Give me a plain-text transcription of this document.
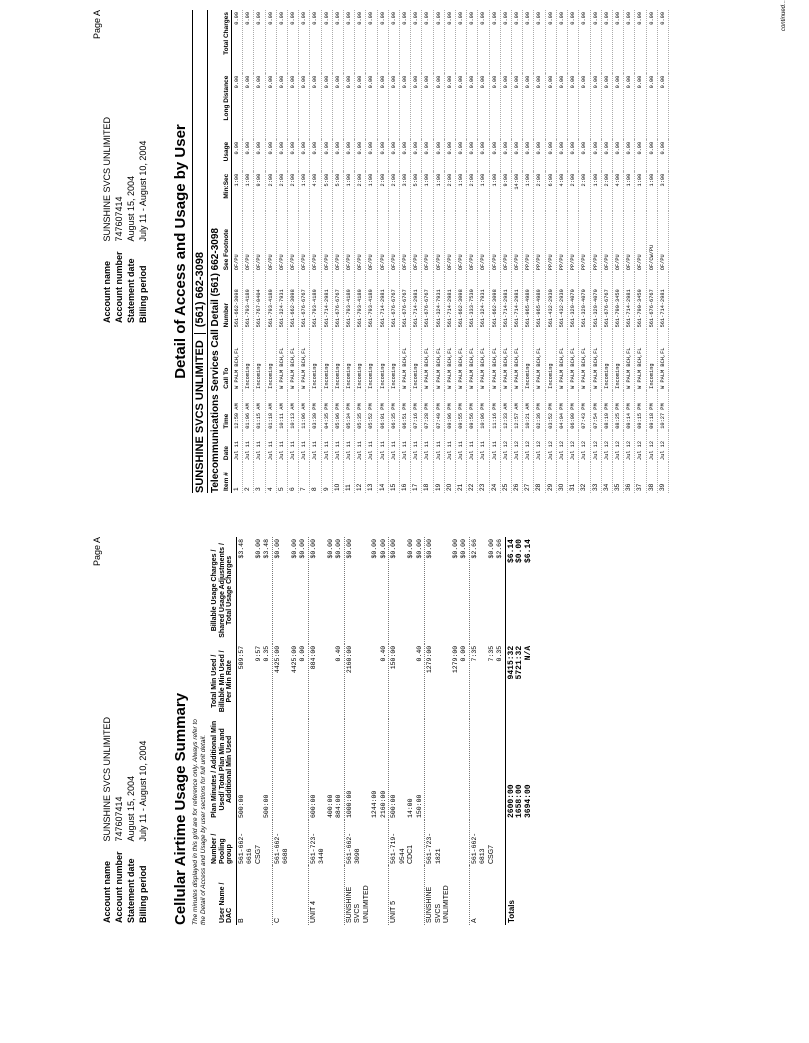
Page A
Account name	SUNSHINE SVCS UNLIMITED
Account number	747607414
Statement date	August 15, 2004
Billing period	July 11 - August 10, 2004 Cellular Airtime Usage Summary The minutes displayed in this grid are for reference only. Always refer to the Detail of Access and Usage by user sections for full unit detail. User Name / DAC	Number / Pooling group	Plan Minutes / Additional Min Used/ Total Plan Min and Additional Min Used	Total Min Used / Billable Min Used / Per Min Rate	Billable Usage Charges / Shared Usage Adjustments / Total Usage Charges
B	561-662-6616	500:00	509:57	$3.48
	CSG7		9:57	$0.00
		500:00	0.35	$3.48
C	561-662-6688		4425:00	$0.00
			4425:00	$0.00
			0.00	$0.00
UNIT 4	561-723-3440	600:00	884:00	$0.00
		400:00		$0.00
		884:00	0.40	$0.00
SUNSHINE SVCS UNLIMITED	561-662-3098	1000:00	2160:00	$0.00
		1244:00		$0.00
		2160:00	0.40	$0.00
UNIT 5	561-719-9544	500:00	150:00	$0.00
	CDC1	14:00		$0.00
		150:00	0.40	$0.00
SUNSHINE SVCS UNLIMITED	561-723-1821		1279:00	$0.00
			1279:00	$0.00
			0.00	$0.00
A	561-662-6813		7:35	$2.66
	CSG7		7:35	$0.00
			0.35	$2.66
Totals		2600:00	9415:32	$6.14
		1658:00	5721:32	$0.00
		3694:00	N/A	$6.14
Page A
Account name	SUNSHINE SVCS UNLIMITED
Account number	747607414
Statement date	August 15, 2004
Billing period	July 11 - August 10, 2004 Detail of Access and Usage by User
SUNSHINE SVCS UNLIMITED
(561) 662-3098 Telecommunications Services Call Detail (561) 662-3098 Item #	Date	Time	Call To	Number	See Footnote	Min:Sec	Usage	Long Distance	Total Charges
1	Jul 11	12:50 AM	W PALM BCH,FL	561-662-3098	OF/PU	1:00	0.00	0.00	0.00
2	Jul 11	01:06 AM	Incoming	561-793-4189	OF/PU	1:00	0.00	0.00	0.00
3	Jul 11	01:15 AM	Incoming	561-767-0404	OF/PU	9:00	0.00	0.00	0.00
4	Jul 11	01:18 AM	Incoming	561-793-4189	OF/PU	2:00	0.00	0.00	0.00
5	Jul 11	10:11 AM	W PALM BCH,FL	561-324-7931	OF/PU	2:00	0.00	0.00	0.00
6	Jul 11	10:13 AM	W PALM BCH,FL	561-662-3098	OF/PU	2:00	0.00	0.00	0.00
7	Jul 11	11:06 AM	W PALM BCH,FL	561-676-6767	OF/PU	1:00	0.00	0.00	0.00
8	Jul 11	03:30 PM	Incoming	561-793-4189	OF/PU	4:00	0.00	0.00	0.00
9	Jul 11	04:35 PM	Incoming	561-714-2981	OF/PU	5:00	0.00	0.00	0.00
10	Jul 11	05:06 PM	Incoming	561-676-6767	OF/PU	5:00	0.00	0.00	0.00
11	Jul 11	05:34 PM	Incoming	561-793-4189	OF/PU	1:00	0.00	0.00	0.00
12	Jul 11	05:35 PM	Incoming	561-793-4189	OF/PU	2:00	0.00	0.00	0.00
13	Jul 11	05:52 PM	Incoming	561-793-4189	OF/PU	1:00	0.00	0.00	0.00
14	Jul 11	06:01 PM	Incoming	561-714-2981	OF/PU	2:00	0.00	0.00	0.00
15	Jul 11	06:35 PM	Incoming	561-676-6767	OF/PU	2:00	0.00	0.00	0.00
16	Jul 11	06:51 PM	W PALM BCH,FL	561-676-6767	OF/PU	3:00	0.00	0.00	0.00
17	Jul 11	07:16 PM	Incoming	561-714-2981	OF/PU	5:00	0.00	0.00	0.00
18	Jul 11	07:28 PM	W PALM BCH,FL	561-676-6767	OF/PU	1:00	0.00	0.00	0.00
19	Jul 11	07:49 PM	W PALM BCH,FL	561-324-7931	OF/PU	1:00	0.00	0.00	0.00
20	Jul 11	09:06 PM	W PALM BCH,FL	561-714-2981	OF/PU	2:00	0.00	0.00	0.00
21	Jul 11	09:55 PM	W PALM BCH,FL	561-662-3098	OF/PU	1:00	0.00	0.00	0.00
22	Jul 11	09:56 PM	W PALM BCH,FL	561-333-7530	OF/PU	2:00	0.00	0.00	0.00
23	Jul 11	10:06 PM	W PALM BCH,FL	561-324-7931	OF/PU	1:00	0.00	0.00	0.00
24	Jul 11	11:16 PM	W PALM BCH,FL	561-662-3098	OF/PU	1:00	0.00	0.00	0.00
25	Jul 12	12:33 AM	W PALM BCH,FL	561-714-2981	OF/PU	9:00	0.00	0.00	0.00
26	Jul 12	12:57 AM	W PALM BCH,FL	561-714-2981	OF/PU	14:00	0.00	0.00	0.00
27	Jul 12	10:21 AM	Incoming	561-965-4989	PP/PU	1:00	0.00	0.00	0.00
28	Jul 12	02:36 PM	W PALM BCH,FL	561-965-4989	PP/PU	2:00	0.00	0.00	0.00
29	Jul 12	03:52 PM	Incoming	561-432-2930	PP/PU	6:00	0.00	0.00	0.00
30	Jul 12	04:04 PM	W PALM BCH,FL	561-432-2930	PP/PU	4:00	0.00	0.00	0.00
31	Jul 12	06:09 PM	W PALM BCH,FL	561-329-4070	PP/PU	2:00	0.00	0.00	0.00
32	Jul 12	07:43 PM	W PALM BCH,FL	561-329-4070	PP/PU	2:00	0.00	0.00	0.00
33	Jul 12	07:54 PM	W PALM BCH,FL	561-329-4070	PP/PU	1:00	0.00	0.00	0.00
34	Jul 12	08:19 PM	Incoming	561-676-6767	OF/PU	2:00	0.00	0.00	0.00
35	Jul 12	08:25 PM	Incoming	561-790-3459	OF/PU	4:00	0.00	0.00	0.00
36	Jul 12	09:14 PM	W PALM BCH,FL	561-714-2981	OF/PU	1:00	0.00	0.00	0.00
37	Jul 12	09:15 PM	W PALM BCH,FL	561-790-3459	OF/PU	1:00	0.00	0.00	0.00
38	Jul 12	09:18 PM	Incoming	561-676-6767	OF/CW/PU	1:00	0.00	0.00	0.00
39	Jul 12	10:27 PM	W PALM BCH,FL	561-714-2981	OF/PU	3:00	0.00	0.00	0.00	continued...
